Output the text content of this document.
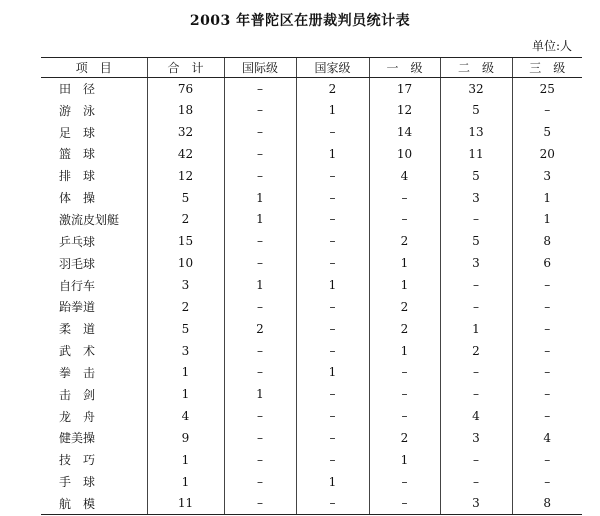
2003 年普陀区在册裁判员统计表
单位:人
项　目	合　计	国际级	国家级	一　级	二　级	三　级
田　径	76	–	2	17	32	25
游　泳	18	–	1	12	5	–
足　球	32	–	–	14	13	5
篮　球	42	–	1	10	11	20
排　球	12	–	–	4	5	3
体　操	5	1	–	–	3	1
激流皮划艇	2	1	–	–	–	1
乒乓球	15	–	–	2	5	8
羽毛球	10	–	–	1	3	6
自行车	3	1	1	1	–	–
跆拳道	2	–	–	2	–	–
柔　道	5	2	–	2	1	–
武　术	3	–	–	1	2	–
拳　击	1	–	1	–	–	–
击　剑	1	1	–	–	–	–
龙　舟	4	–	–	–	4	–
健美操	9	–	–	2	3	4
技　巧	1	–	–	1	–	–
手　球	1	–	1	–	–	–
航　模	11	–	–	–	3	8
